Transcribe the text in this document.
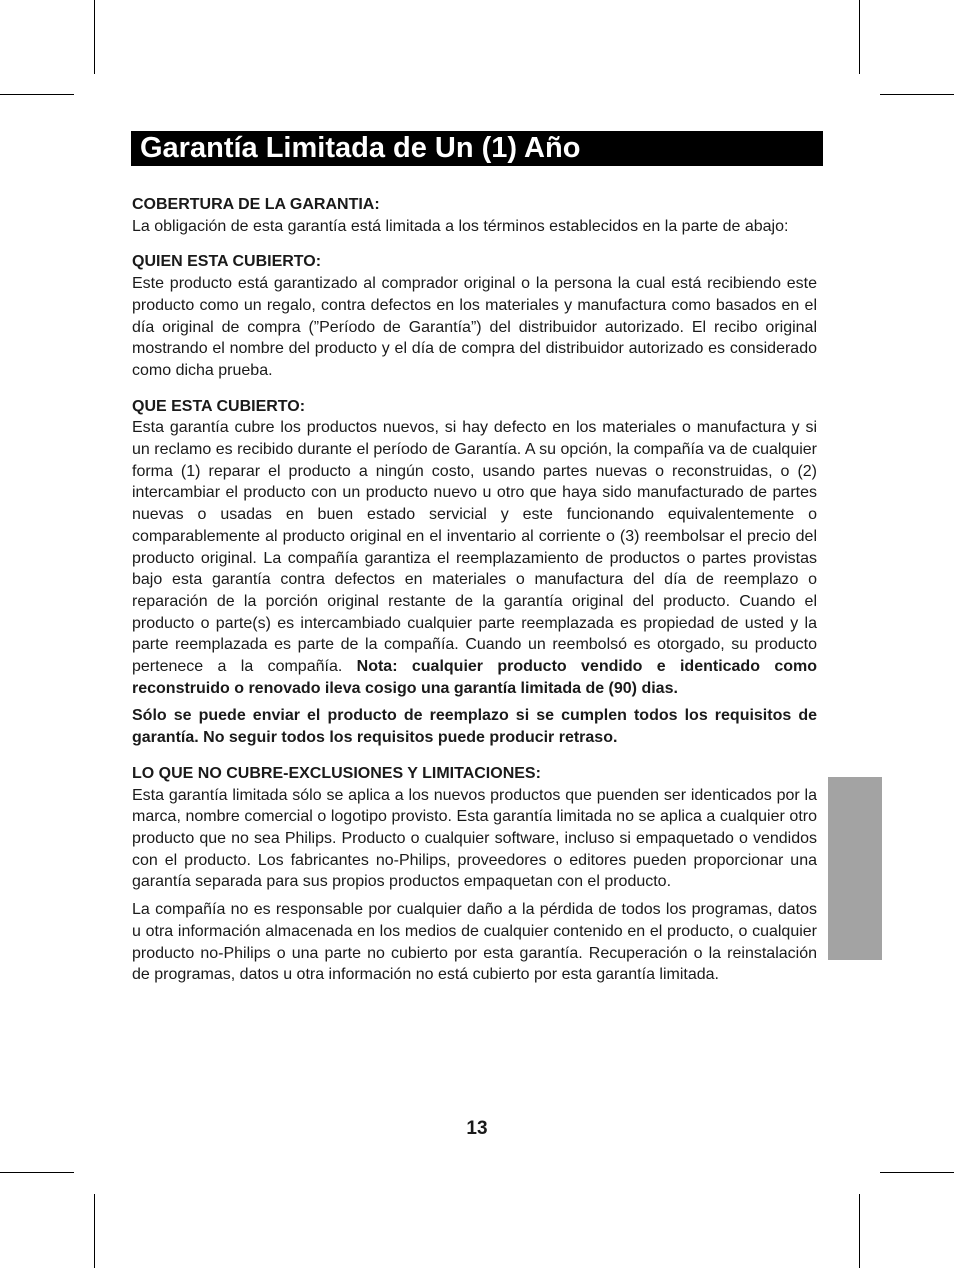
Garantía Limitada de Un (1) Año
COBERTURA DE LA GARANTIA:
La obligación de esta garantía está limitada a los términos establecidos en la parte de abajo:
QUIEN ESTA CUBIERTO:
Este producto está garantizado al comprador original o la persona la cual está recibiendo este producto como un regalo, contra defectos en los materiales y manufactura como basados en el día original de compra (”Período de Garantía”) del distribuidor autorizado. El recibo original mostrando el nombre del producto y el día de compra del distribuidor autorizado es considerado como dicha prueba.
QUE ESTA CUBIERTO:
Esta garantía cubre los productos nuevos, si hay defecto en los materiales o manufactura y si un reclamo es recibido durante el período de Garantía. A su opción, la compañía va de cualquier forma (1) reparar el producto a ningún costo, usando partes nuevas o reconstruidas, o (2) intercambiar el producto con un producto nuevo u otro que haya sido manufacturado de partes nuevas o usadas en buen estado servicial y este funcionando equivalentemente o comparablemente al producto original en el inventario al corriente o (3) reembolsar el precio del producto original. La compañía garantiza el reemplazamiento de productos o partes provistas bajo esta garantía contra defectos en materiales o manufactura del día de reemplazo o reparación de la porción original restante de la garantía original del producto. Cuando el producto o parte(s) es intercambiado cualquier parte reemplazada es propiedad de usted y la parte reemplazada es parte de la compañía. Cuando un reembolsó es otorgado, su producto pertenece a la compañía. Nota: cualquier producto vendido e identicado como reconstruido o renovado ileva cosigo una garantía limitada de (90) dias.
Sólo se puede enviar el producto de reemplazo si se cumplen todos los requisitos de garantía. No seguir todos los requisitos puede producir retraso.
LO QUE NO CUBRE-EXCLUSIONES Y LIMITACIONES:
Esta garantía limitada sólo se aplica a los nuevos productos que puenden ser identicados por la marca, nombre comercial o logotipo provisto. Esta garantía limitada no se aplica a cualquier otro producto que no sea Philips. Producto o cualquier software, incluso si empaquetado o vendidos con el producto. Los fabricantes no-Philips, proveedores o editores pueden proporcionar una garantía separada para sus propios productos empaquetan con el producto.
La compañía no es responsable por cualquier daño a la pérdida de todos los programas, datos u otra información almacenada en los medios de cualquier contenido en el producto, o cualquier producto no-Philips o una parte no cubierto por esta garantía. Recuperación o la reinstalación de programas, datos u otra información no está cubierto por esta garantía limitada.
13
